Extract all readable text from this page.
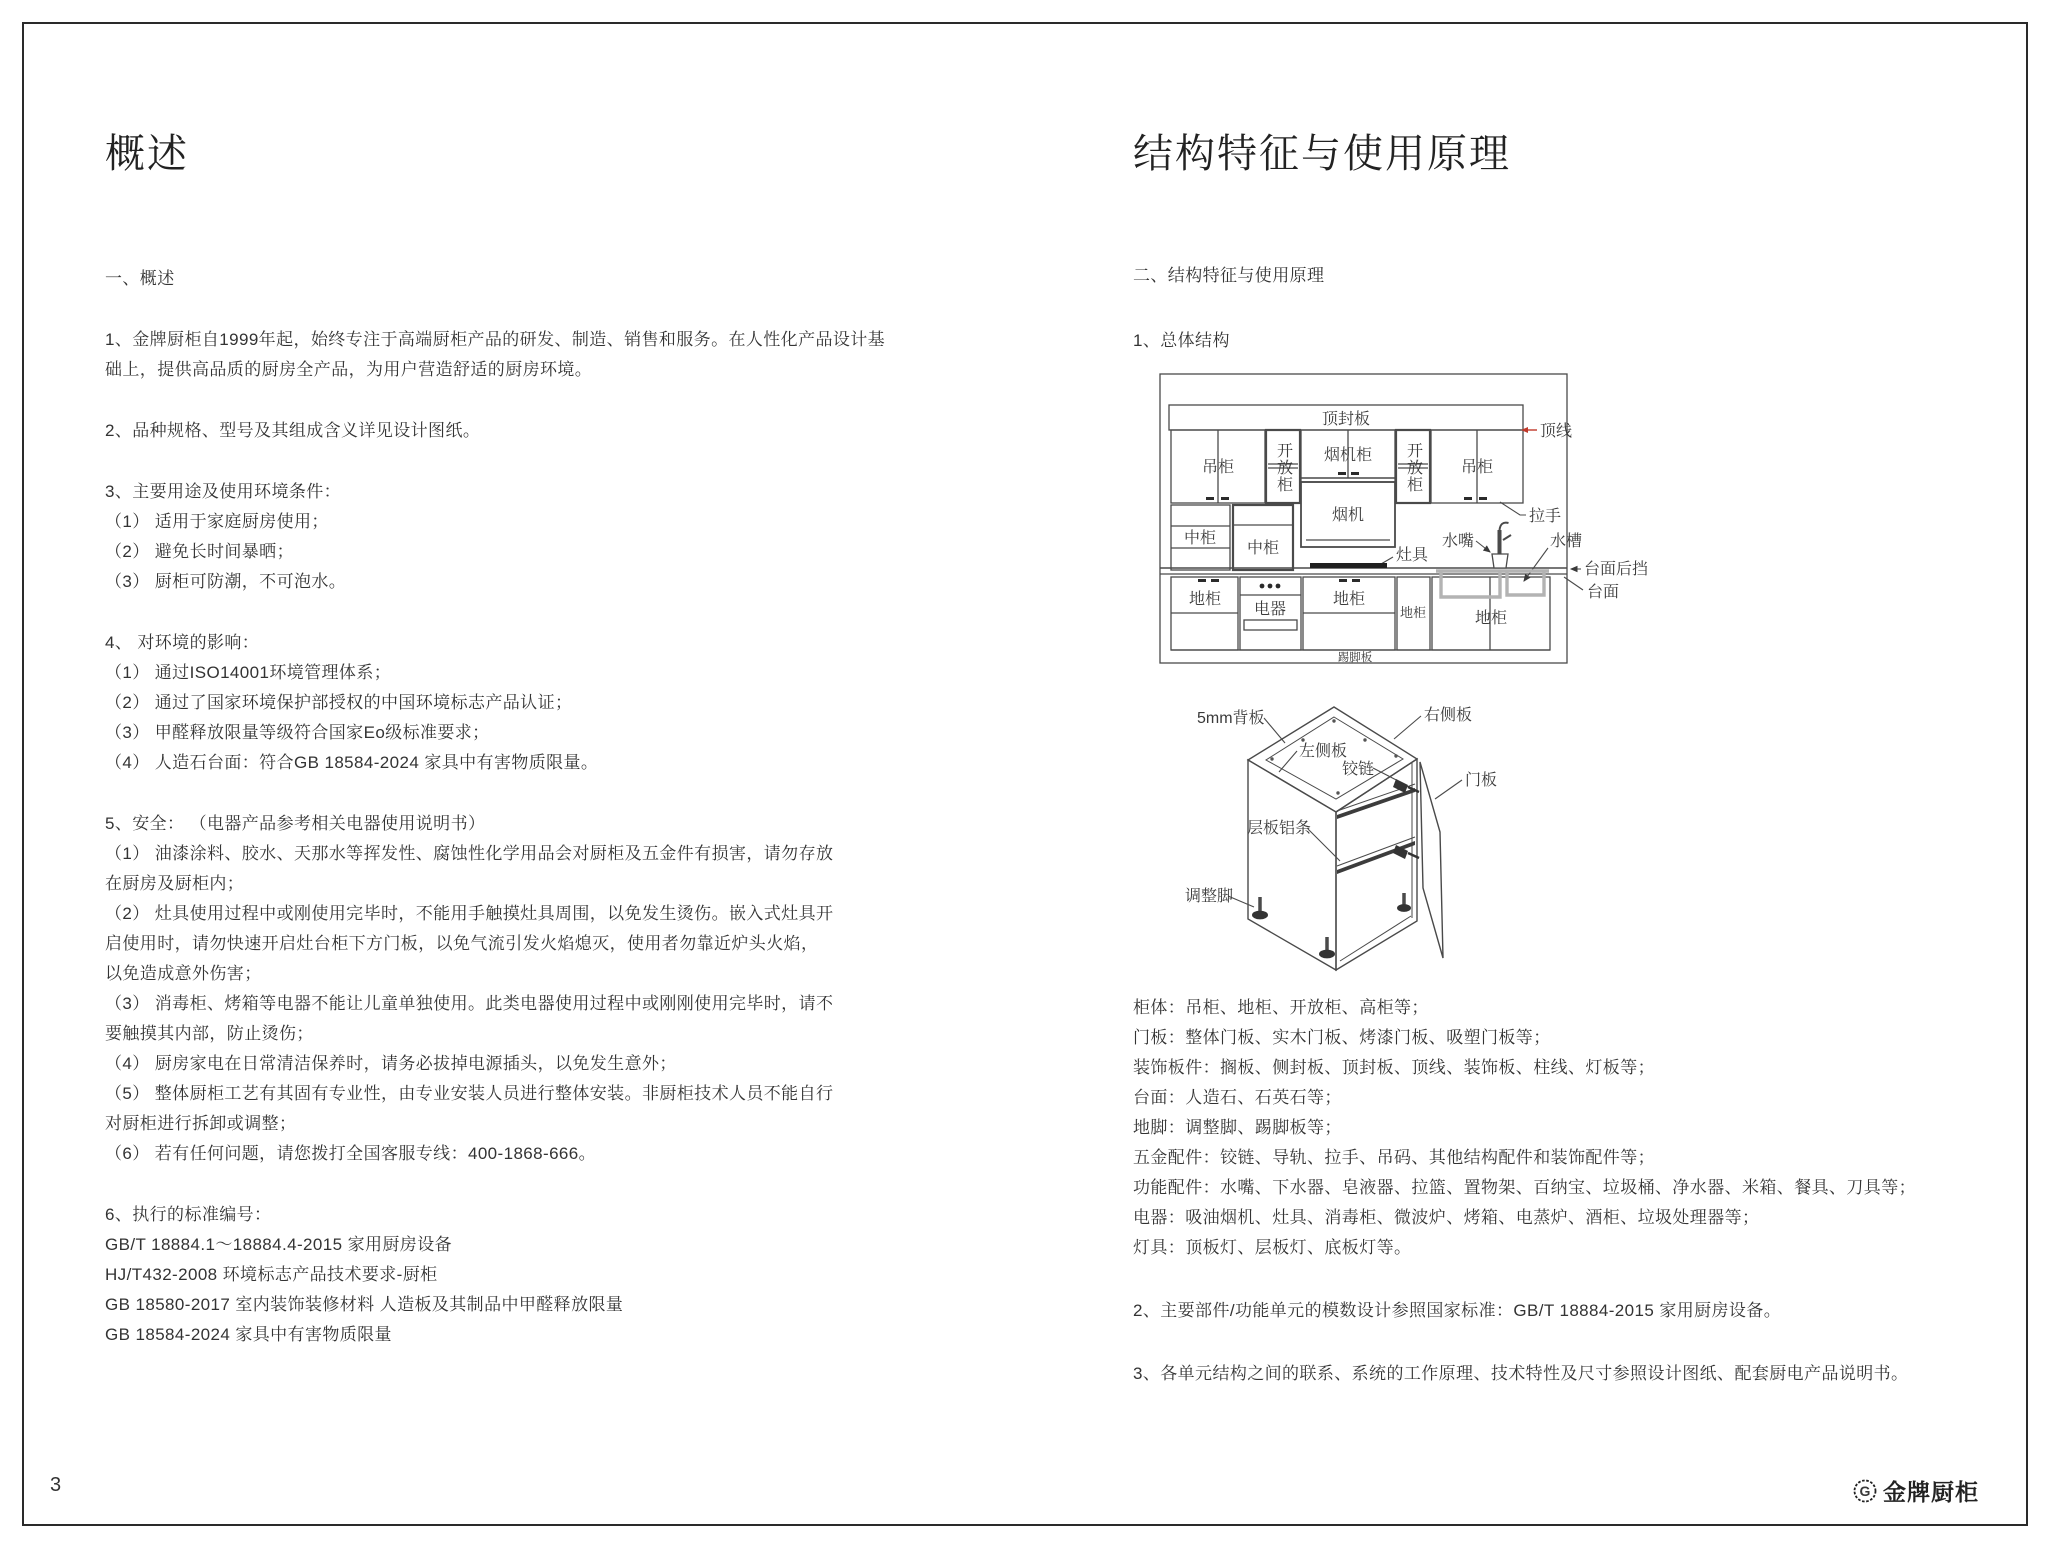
概述	结构特征与使用原理
一、概述
1、金牌厨柜自1999年起，始终专注于高端厨柜产品的研发、制造、销售和服务。在人性化产品设计基
础上，提供高品质的厨房全产品，为用户营造舒适的厨房环境。
2、品种规格、型号及其组成含义详见设计图纸。
3、主要用途及使用环境条件：
（1） 适用于家庭厨房使用；
（2） 避免长时间暴晒；
（3） 厨柜可防潮，不可泡水。
4、 对环境的影响：
（1） 通过ISO14001环境管理体系；
（2） 通过了国家环境保护部授权的中国环境标志产品认证；
（3） 甲醛释放限量等级符合国家Eo级标准要求；
（4） 人造石台面：符合GB 18584-2024 家具中有害物质限量。
5、安全： （电器产品参考相关电器使用说明书）
（1） 油漆涂料、胶水、天那水等挥发性、腐蚀性化学用品会对厨柜及五金件有损害，请勿存放
在厨房及厨柜内；
（2） 灶具使用过程中或刚使用完毕时，不能用手触摸灶具周围，以免发生烫伤。嵌入式灶具开
启使用时，请勿快速开启灶台柜下方门板，以免气流引发火焰熄灭，使用者勿靠近炉头火焰，
以免造成意外伤害；
（3） 消毒柜、烤箱等电器不能让儿童单独使用。此类电器使用过程中或刚刚使用完毕时，请不
要触摸其内部，防止烫伤；
（4） 厨房家电在日常清洁保养时，请务必拔掉电源插头，以免发生意外；
（5） 整体厨柜工艺有其固有专业性，由专业安装人员进行整体安装。非厨柜技术人员不能自行
对厨柜进行拆卸或调整；
（6） 若有任何问题，请您拨打全国客服专线：400-1868-666。
6、执行的标准编号：
GB/T 18884.1～18884.4-2015 家用厨房设备
HJ/T432-2008 环境标志产品技术要求-厨柜
GB 18580-2017 室内装饰装修材料 人造板及其制品中甲醛释放限量
GB 18584-2024 家具中有害物质限量
二、结构特征与使用原理
1、总体结构
顶封板
顶线
吊柜	开放柜 烟机柜 开放柜 吊柜
拉手
中柜
中柜
烟机
灶具
水嘴	水槽
台面后挡
台面
地柜
电器
地柜
地柜	地柜
踢脚板
5mm背板	右侧板
左侧板
铰链
门板
层板铝条
调整脚
柜体：吊柜、地柜、开放柜、高柜等；
门板：整体门板、实木门板、烤漆门板、吸塑门板等；
装饰板件：搁板、侧封板、顶封板、顶线、装饰板、柱线、灯板等；
台面：人造石、石英石等；
地脚：调整脚、踢脚板等；
五金配件：铰链、导轨、拉手、吊码、其他结构配件和装饰配件等；
功能配件：水嘴、下水器、皂液器、拉篮、置物架、百纳宝、垃圾桶、净水器、米箱、餐具、刀具等；
电器：吸油烟机、灶具、消毒柜、微波炉、烤箱、电蒸炉、酒柜、垃圾处理器等；
灯具：顶板灯、层板灯、底板灯等。
2、主要部件/功能单元的模数设计参照国家标准：GB/T 18884-2015 家用厨房设备。
3、各单元结构之间的联系、系统的工作原理、技术特性及尺寸参照设计图纸、配套厨电产品说明书。
3	G 金牌厨柜
